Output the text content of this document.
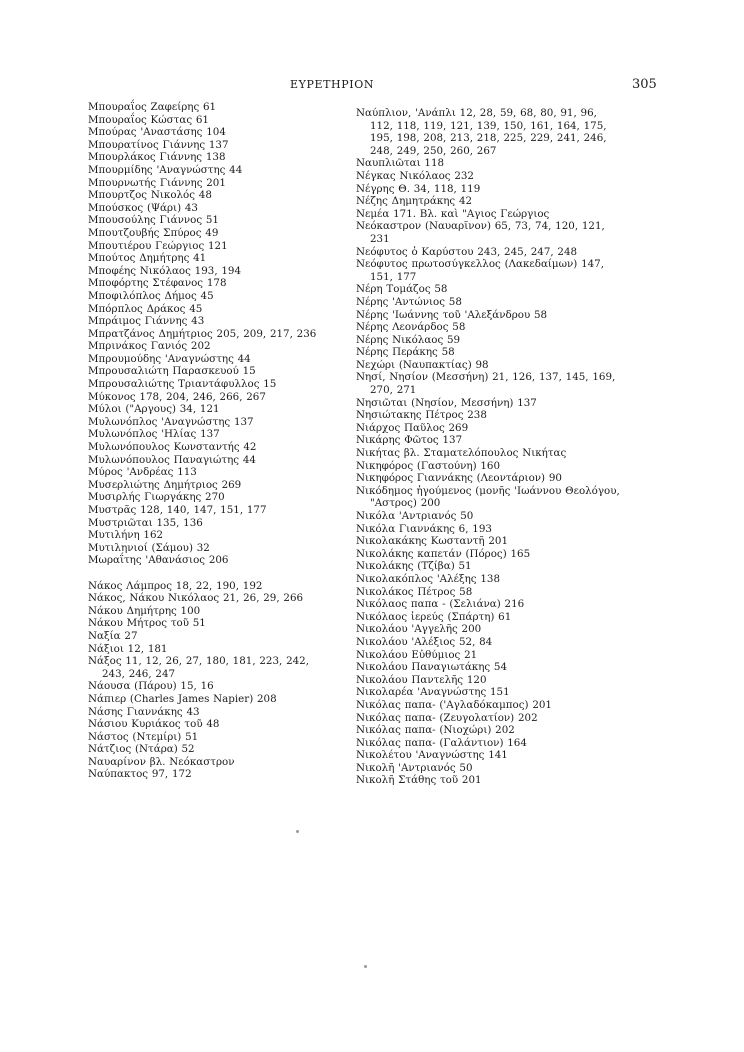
ΕΥΡΕΤΗΡΙΟΝ	305
Μπουραΐος Ζαφείρης 61
Μπουραΐος Κώστας 61
Μπούρας 'Αναστάσης 104
Μπουρατίνος Γιάννης 137
Μπουρλάκος Γιάννης 138
Μπουρμίδης 'Αναγνώστης 44
Μπουρνωτής Γιάννης 201
Μπουρτζος Νικολός 48
Μπούσκος (Ψάρι) 43
Μπουσούλης Γιάννος 51
Μπουτζουβής Σπύρος 49
Μπουτιέρου Γεώργιος 121
Μπούτος Δημήτρης 41
Μποφέης Νικόλαος 193, 194
Μποφόρτης Στέφανος 178
Μποφιλόπλος Δήμος 45
Μπόρπλος Δράκος 45
Μπράιμος Γιάννης 43
Μπρατζάνος Δημήτριος 205, 209, 217, 236
Μπρινάκος Γανιός 202
Μπρουμούδης 'Αναγνώστης 44
Μπρουσαλιώτη Παρασκευού 15
Μπρουσαλιώτης Τριαντάφυλλος 15
Μύκονος 178, 204, 246, 266, 267
Μύλοι ("Αργους) 34, 121
Μυλωνόπλος 'Αναγνώστης 137
Μυλωνόπλος 'Ηλίας 137
Μυλωνόπουλος Κωνσταντής 42
Μυλωνόπουλος Παναγιώτης 44
Μύρος 'Ανδρέας 113
Μυσερλιώτης Δημήτριος 269
Μυσιρλής Γιωργάκης 270
Μυστρᾶς 128, 140, 147, 151, 177
Μυστριῶται 135, 136
Μυτιλήνη 162
Μυτιληνιοί (Σάμου) 32
Μωραΐτης 'Αθανάσιος 206
Νάκος Λάμπρος 18, 22, 190, 192
Νάκος, Νάκου Νικόλαος 21, 26, 29, 266
Νάκου Δημήτρης 100
Νάκου Μήτρος τοῦ 51
Ναξία 27
Νάξιοι 12, 181
Νάξος 11, 12, 26, 27, 180, 181, 223, 242, 243, 246, 247
Νάουσα (Πάρου) 15, 16
Νάπιερ (Charles James Napier) 208
Νάσης Γιαννάκης 43
Νάσιου Κυριάκος τοῦ 48
Νάστος (Ντεμίρι) 51
Νάτζιος (Ντάρα) 52
Ναυαρίνον βλ. Νεόκαστρον
Ναύπακτος 97, 172
Ναύπλιον, 'Ανάπλι 12, 28, 59, 68, 80, 91, 96, 112, 118, 119, 121, 139, 150, 161, 164, 175, 195, 198, 208, 213, 218, 225, 229, 241, 246, 248, 249, 250, 260, 267
Ναυπλιῶται 118
Νέγκας Νικόλαος 232
Νέγρης Θ. 34, 118, 119
Νέζης Δημητράκης 42
Νεμέα 171. Βλ. καὶ "Αγιος Γεώργιος
Νεόκαστρον (Ναυαρῖνον) 65, 73, 74, 120, 121, 231
Νεόφυτος ὁ Καρύστου 243, 245, 247, 248
Νεόφυτος πρωτοσύγκελλος (Λακεδαίμων) 147, 151, 177
Νέρη Τομάζος 58
Νέρης 'Αντώνιος 58
Νέρης 'Ιωάννης τοῦ 'Αλεξάνδρου 58
Νέρης Λεονάρδος 58
Νέρης Νικόλαος 59
Νέρης Περάκης 58
Νεχώρι (Ναυπακτίας) 98
Νησί, Νησίον (Μεσσήνη) 21, 126, 137, 145, 169, 270, 271
Νησιῶται (Νησίον, Μεσσήνη) 137
Νησιώτακης Πέτρος 238
Νιάρχος Παῦλος 269
Νικάρης Φῶτος 137
Νικήτας βλ. Σταματελόπουλος Νικήτας
Νικηφόρος (Γαστούνη) 160
Νικηφόρος Γιαννάκης (Λεοντάριον) 90
Νικόδημος ἡγούμενος (μονῆς 'Ιωάννου Θεολόγου, "Αστρος) 200
Νικόλα 'Αντριανός 50
Νικόλα Γιαννάκης 6, 193
Νικολακάκης Κωσταντῆ 201
Νικολάκης καπετάν (Πόρος) 165
Νικολάκης (Τζίβα) 51
Νικολακόπλος 'Αλέξης 138
Νικολάκος Πέτρος 58
Νικόλαος παπα - (Σελιάνα) 216
Νικόλαος ἱερεύς (Σπάρτη) 61
Νικολάου 'Αγγελῆς 200
Νικολάου 'Αλέξιος 52, 84
Νικολάου Εὐθύμιος 21
Νικολάου Παναγιωτάκης 54
Νικολάου Παντελῆς 120
Νικολαρέα 'Αναγνώστης 151
Νικόλας παπα- ('Αγλαδόκαμπος) 201
Νικόλας παπα- (Ζευγολατίον) 202
Νικόλας παπα- (Νιοχώρι) 202
Νικόλας παπα- (Γαλάντιον) 164
Νικολέτου 'Αναγνώστης 141
Νικολῆ 'Αντριανός 50
Νικολῆ Στάθης τοῦ 201
